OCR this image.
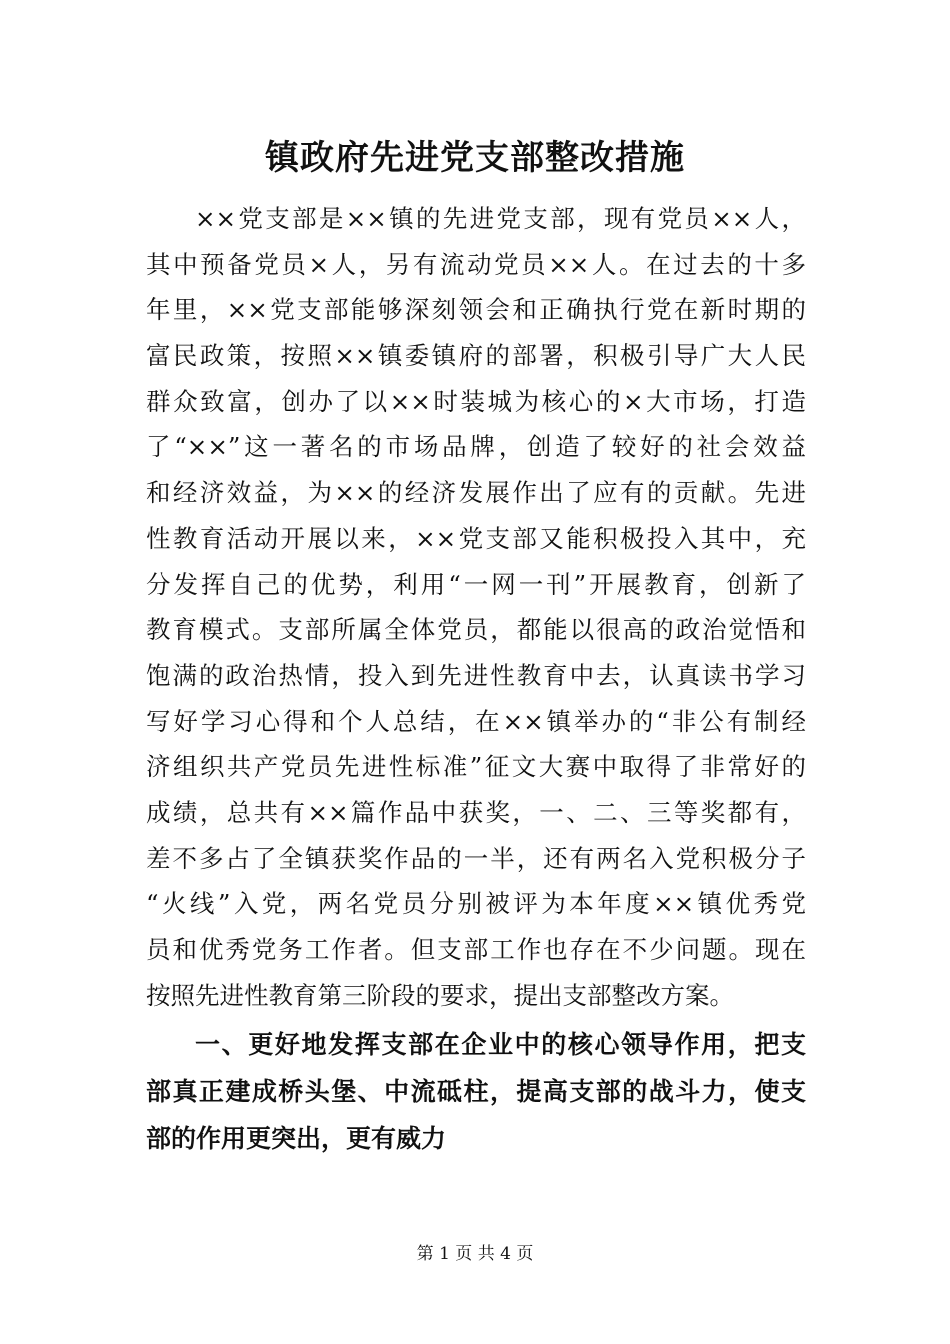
镇政府先进党支部整改措施
××党支部是××镇的先进党支部，现有党员××人，
其中预备党员×人，另有流动党员××人。在过去的十多
年里，××党支部能够深刻领会和正确执行党在新时期的
富民政策，按照××镇委镇府的部署，积极引导广大人民
群众致富，创办了以××时装城为核心的×大市场，打造
了“××”这一著名的市场品牌，创造了较好的社会效益
和经济效益，为××的经济发展作出了应有的贡献。先进
性教育活动开展以来，××党支部又能积极投入其中，充
分发挥自己的优势，利用“一网一刊”开展教育，创新了
教育模式。支部所属全体党员，都能以很高的政治觉悟和
饱满的政治热情，投入到先进性教育中去，认真读书学习
写好学习心得和个人总结，在××镇举办的“非公有制经
济组织共产党员先进性标准”征文大赛中取得了非常好的
成绩，总共有××篇作品中获奖，一、二、三等奖都有，
差不多占了全镇获奖作品的一半，还有两名入党积极分子
“火线”入党，两名党员分别被评为本年度××镇优秀党
员和优秀党务工作者。但支部工作也存在不少问题。现在
按照先进性教育第三阶段的要求，提出支部整改方案。
一、更好地发挥支部在企业中的核心领导作用，把支
部真正建成桥头堡、中流砥柱，提高支部的战斗力，使支
部的作用更突出，更有威力
第 1 页 共 4 页
